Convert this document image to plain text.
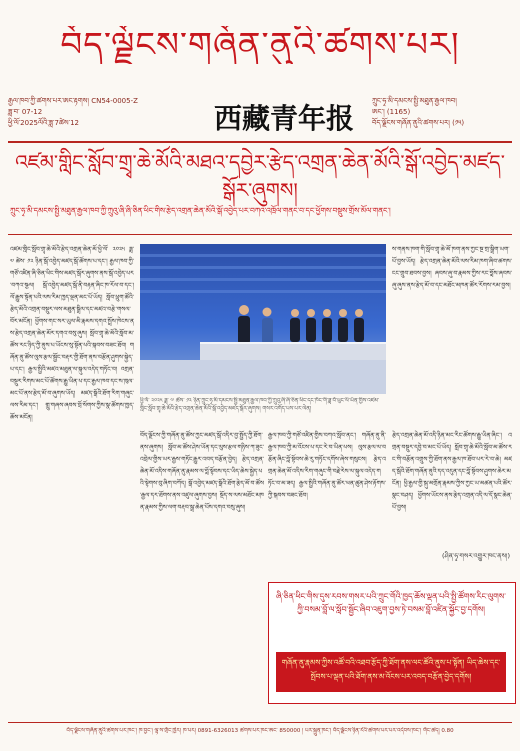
བོད་ལྗོངས་གཞོན་ནུའི་ཚགས་པར།
རྒྱལ་ཁབ་ཀྱི་ཚགས་པར་ཨང་རྟགས། CN54-0005-Z
ཟླ་བ་ 07-12
ཕྱི་ལོ་2025ལོའི་ཟླ་7ཚེས་12	西藏青年报
ཀྲུང་ཧྭ་མི་དམངས་སྤྱི་མཐུན་རྒྱལ་ཁབ།
ཨང་། (1165)
བོད་ལྗོངས་གཞོན་ནུའི་ཚགས་པར། (༡༥)
འཛམ་གླིང་སློབ་གྲྭ་ཆེ་མོའི་མཐའ་དབྱེར་རྩེད་འགྲན་ཆེན་མོའི་སྒོ་འབྱེད་མཛད་སྒོར་ཞུགས།
ཀྲུང་ཧྭ་མི་དམངས་སྤྱི་མཐུན་རྒྱལ་ཁབ་ཀྱི་ཀྲུའུ་ཞི་ཞི་ཅིན་ཕིང་གིས་རྩེད་འགྲན་ཆེན་མོའི་སྒོ་འབྱེད་པར་བཀའ་འཁྲོལ་གནང་བ་དང་ཕྱོགས་བསྡུས་གྲོས་མོལ་གནང་།
འཛམ་གླིང་སློབ་གྲྭ་ཆེ་མོའི་རྩེད་འགྲན་ཆེན་མོ་ཕྱི་ལོ་ ༢༠༢༥ ཟླ་ ༧ ཚེས་ ༡༢ ཉིན་སྒོ་འབྱེད་མཛད་སྒོ་ཚོགས་པ་དང་། རྒྱལ་ཁབ་ཀྱི་གཙོ་འཛིན་ཞི་ཅིན་ཕིང་གིས་མཛད་སྒོར་ཞུགས་ནས་སྒོ་འབྱེད་པར་བཀའ་སྩལ། སྒོ་འབྱེད་མཛད་སྒོ་ནི་བརྟན་ཞིང་ཁ་རོལ་བ་དང་། ལོ་རྒྱུས་སྟོན་པའི་ལས་རིམ་ཁྱད་ལྡན་མང་པོ་ཡོད། སློབ་ཕྲུག་ཚོའི་རྩེད་མོའི་འགྲན་བསྡུར་ལས་མཐུན་སྒྲིལ་དང་མཛའ་བརྩེ་གསལ་བོར་མངོན། ཕྱོགས་གང་སར་ཡུལ་མི་རྣམས་དགའ་སྤྲོས་ཁེངས་ནས་རྩེད་འགྲན་ཆེན་མོར་དགའ་བསུ་ཞུས། སློབ་གྲྭ་ཆེ་མོའི་སློབ་མ་ཚོས་རང་ཉིད་ཀྱི་ནུས་པ་ཡོངས་སུ་སྟོན་པའི་སྐབས་བཟང་ཐོབ། གཞོན་ནུ་ཚོས་ལུས་རྩལ་སྦྱོང་བརྡར་གྱི་ཐོག་ནས་བརྩོན་ཤུགས་སྐྱེད་པ་དང་། རྒྱལ་སྤྱིའི་མཛའ་མཐུན་ལ་སྐུལ་འདེད་གཏོང་བ། འགྲན་བསྡུར་རིགས་མང་པོ་ཚོགས་རྒྱུ་ཡིན་པ་དང་རྒྱལ་ཁབ་དང་ས་ཁུལ་མང་པོ་ནས་རྩེད་མོ་བ་ཞུགས་ཡོད། མཛད་སྒོའི་ཐོག་རིག་གཞུང་ལས་རིམ་དང་། གླུ་གཞས་ཞབས་བྲོ་སོགས་ཀྱིས་སྣ་ཚོགས་ཁྱད་ཆོས་མངོན།
ཕྱི་ལོ་ ༢༠༢༥ ཟླ་ ༧ ཚེས་ ༡༢ ཉིན་ཀྲུང་ཧྭ་མི་དམངས་སྤྱི་མཐུན་རྒྱལ་ཁབ་ཀྱི་ཀྲུའུ་ཞི་ཞི་ཅིན་ཕིང་དང་ཁོང་གི་ཟླ་བོ་ཕུང་ལི་ཡོན་གྱིས་འཛམ་གླིང་སློབ་གྲྭ་ཆེ་མོའི་རྩེད་འགྲན་ཆེན་མོའི་སྒོ་འབྱེད་མཛད་སྒོར་ཞུགས། གསར་འགོད་པས་པར་ལེན།
བོད་ལྗོངས་ཀྱི་གཞོན་ནུ་ཚོས་ཀྱང་མཛད་སྒོ་འདིར་བྱ་སྤྱོད་ཀྱི་ཐོག་ནས་ཞུགས། སློབ་མ་ཚོས་ཤེས་ཡོན་དང་ལུས་རྩལ་གཉིས་ཀ་ཟུང་འབྲེལ་གྱིས་ཡར་རྒྱས་གཏོང་རྒྱུར་འབད་བརྩོན་བྱེད། རྩེད་འགྲན་ཆེན་མོ་འདིས་གཞོན་ནུ་རྣམས་ལ་བློ་སྟོབས་དང་ཡིད་ཆེས་སྐྱེད་པའི་སྟེགས་བུ་ཞིག་བཀོད། སྒོ་འབྱེད་མཛད་སྒོའི་ཐོག་རྩེད་མོ་བ་ཚོས་རྒྱལ་དར་ཐོགས་ནས་འཛུལ་ཞུགས་བྱས། སྡོད་ས་ལས་མཐོང་མཁན་རྣམས་ཀྱིས་ལག་བརྡབ་སྒྲ་ཆེན་པོས་དགའ་བསུ་ཞུས།
རྒྱལ་ཁབ་ཀྱི་གཙོ་འཛིན་གྱིས་བཀའ་སློབ་ནང་། གཞོན་ནུ་ནི་རྒྱལ་ཁབ་ཀྱི་མ་འོངས་པ་དང་རེ་བ་ཡིན་པས། ལུས་རྩལ་ལ་བརྩོན་ཞིང་བློ་སྟོབས་ཆེ་རུ་གཏོང་དགོས་ཞེས་གསུངས། རྩེད་འགྲན་ཆེན་མོ་འདིས་རིག་གཞུང་གི་བརྗེ་རེས་ལ་སྐུལ་འདེད་གཏོང་བ་མ་ཟད། རྒྱལ་སྤྱིའི་གཞོན་ནུ་ཚོར་ཕན་ཚུན་ཤེས་རྟོགས་ཀྱི་སྐབས་བཟང་ཐོབ།
ས་གནས་ཁག་གི་སློབ་གྲྭ་ཆེ་མོ་ཁག་ནས་ཀྱང་སྔ་གྲ་སྒྲིག་ཡག་པོ་བྱས་ཡོད། རྩེད་འགྲན་ཆེན་མོའི་ལས་རིམ་ཁག་ཞིབ་ཚགས་ངང་གྲུབ་ཐབས་བྱས། ཞབས་ཞུ་བ་རྣམས་ཀྱིས་རང་བློས་ཞབས་ཞུ་ཞུས་ནས་རྩེད་མོ་བ་དང་མཐོང་མཁན་ཚོར་རོགས་རམ་བྱས།
རྩེད་འགྲན་ཆེན་མོ་འདི་ཉིན་མང་རིང་ཚོགས་རྒྱུ་ཡིན་ཞིང་། འགྲན་བསྡུར་དབྱེ་བ་མང་པོ་ཡོད། སློབ་གྲྭ་ཆེ་མོའི་སློབ་མ་ཚོས་རང་གི་བརྩོན་འགྲུས་ཀྱི་ཐོག་ནས་རྒྱལ་ཁ་ཐོབ་པར་རེ་བ་ཆེ། མཛད་སྒོའི་ཐོག་གཞོན་ནུའི་དད་འདུན་དང་བློ་སྟོབས་ཤུགས་ཆེར་མངོན། ཕྱི་རྒྱལ་གྱི་སྐུ་མགྲོན་རྣམས་ཀྱིས་ཀྱང་ཡ་མཚན་པའི་ཚོར་སྣང་བཤད། ཕྱོགས་ཡོངས་ནས་རྩེད་འགྲན་འདི་ལ་དོ་སྣང་ཆེན་པོ་བྱས།
(ཤིན་ཧྭ་གསར་འགྱུར་ཁང་ནས།)
ཞི་ཅིན་ཕིང་གིས་དུས་རབས་གསར་པའི་ཀྲུང་གོའི་ཁྱད་ཆོས་ལྡན་པའི་སྤྱི་ཚོགས་རིང་ལུགས་ཀྱི་བསམ་བློ་ལ་སློབ་སྦྱོང་ཞིབ་འཇུག་བྱས་ཏེ་བསམ་བློ་འཛིན་སྐྱོང་བྱ་དགོས།
གཞོན་ནུ་རྣམས་ཀྱིས་འཚོ་བའི་འཐབ་རྩོད་ཀྱི་ཐོག་ནས་ལང་ཚོའི་ནུས་པ་སྟོན། ཡིད་ཆེས་དང་སྤོབས་པ་ལྡན་པའི་ཐོག་ནས་མ་འོངས་པར་འབད་བརྩོན་བྱེད་དགོས།
བོད་ལྗོངས་གཞོན་ནུའི་ཚགས་པར་ཁང་། ཁ་བྱང་། ལྷ་ས་གྲོང་ཁྱེར། ཁ་པར། 0891-6326013 ཚགས་པར་ཁང་ཨང་ 850000 ། པར་སྐྲུན་ཁང་། བོད་ལྗོངས་ཉིན་རེའི་ཚགས་པར་པར་འདེབས་ཁང་། གོང་ཚད། 0.80
